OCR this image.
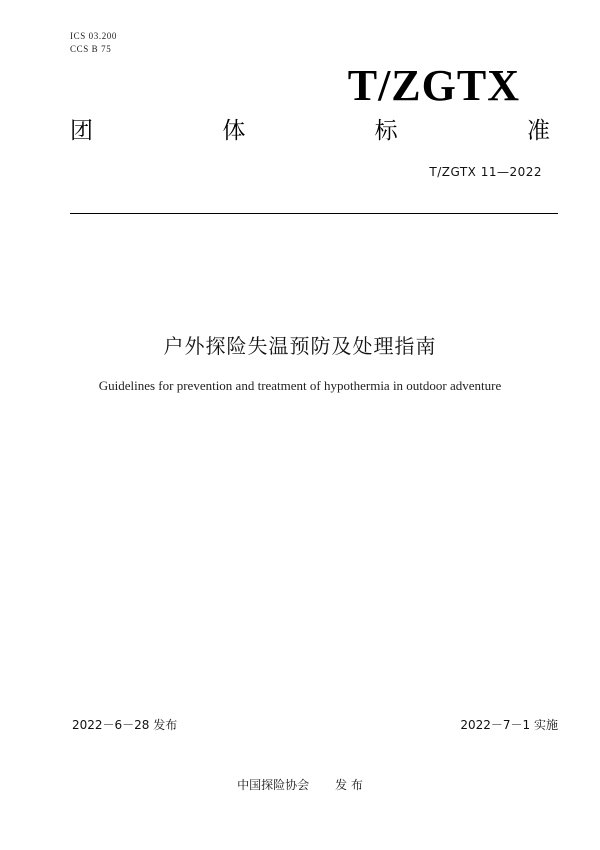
ICS 03.200
CCS B 75
T/ZGTX
团	体	标	准
T/ZGTX 11—2022
户外探险失温预防及处理指南
Guidelines for prevention and treatment of hypothermia in outdoor adventure
2022－6－28 发布	2022－7－1 实施
中国探险协会 发 布
